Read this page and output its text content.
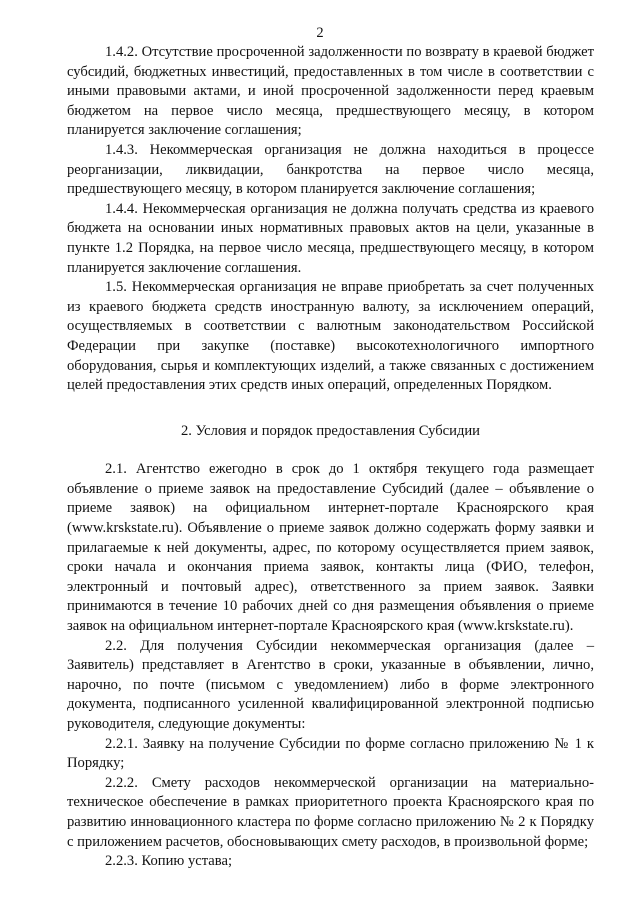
2

1.4.2. Отсутствие просроченной задолженности по возврату в краевой бюджет субсидий, бюджетных инвестиций, предоставленных в том числе в соответствии с иными правовыми актами, и иной просроченной задолженности перед краевым бюджетом на первое число месяца, предшествующего месяцу, в котором планируется заключение соглашения;

1.4.3. Некоммерческая организация не должна находиться в процессе реорганизации, ликвидации, банкротства на первое число месяца, предшествующего месяцу, в котором планируется заключение соглашения;

1.4.4. Некоммерческая организация не должна получать средства из краевого бюджета на основании иных нормативных правовых актов на цели, указанные в пункте 1.2 Порядка, на первое число месяца, предшествующего месяцу, в котором планируется заключение соглашения.

1.5. Некоммерческая организация не вправе приобретать за счет полученных из краевого бюджета средств иностранную валюту, за исключением операций, осуществляемых в соответствии с валютным законодательством Российской Федерации при закупке (поставке) высокотехнологичного импортного оборудования, сырья и комплектующих изделий, а также связанных с достижением целей предоставления этих средств иных операций, определенных Порядком.

2. Условия и порядок предоставления Субсидии

2.1. Агентство ежегодно в срок до 1 октября текущего года размещает объявление о приеме заявок на предоставление Субсидий (далее – объявление о приеме заявок) на официальном интернет-портале Красноярского края (www.krskstate.ru). Объявление о приеме заявок должно содержать форму заявки и прилагаемые к ней документы, адрес, по которому осуществляется прием заявок, сроки начала и окончания приема заявок, контакты лица (ФИО, телефон, электронный и почтовый адрес), ответственного за прием заявок. Заявки принимаются в течение 10 рабочих дней со дня размещения объявления о приеме заявок на официальном интернет-портале Красноярского края (www.krskstate.ru).

2.2. Для получения Субсидии некоммерческая организация (далее – Заявитель) представляет в Агентство в сроки, указанные в объявлении, лично, нарочно, по почте (письмом с уведомлением) либо в форме электронного документа, подписанного усиленной квалифицированной электронной подписью руководителя, следующие документы:

2.2.1. Заявку на получение Субсидии по форме согласно приложению № 1 к Порядку;

2.2.2. Смету расходов некоммерческой организации на материально-техническое обеспечение в рамках приоритетного проекта Красноярского края по развитию инновационного кластера по форме согласно приложению № 2 к Порядку с приложением расчетов, обосновывающих смету расходов, в произвольной форме;

2.2.3. Копию устава;
